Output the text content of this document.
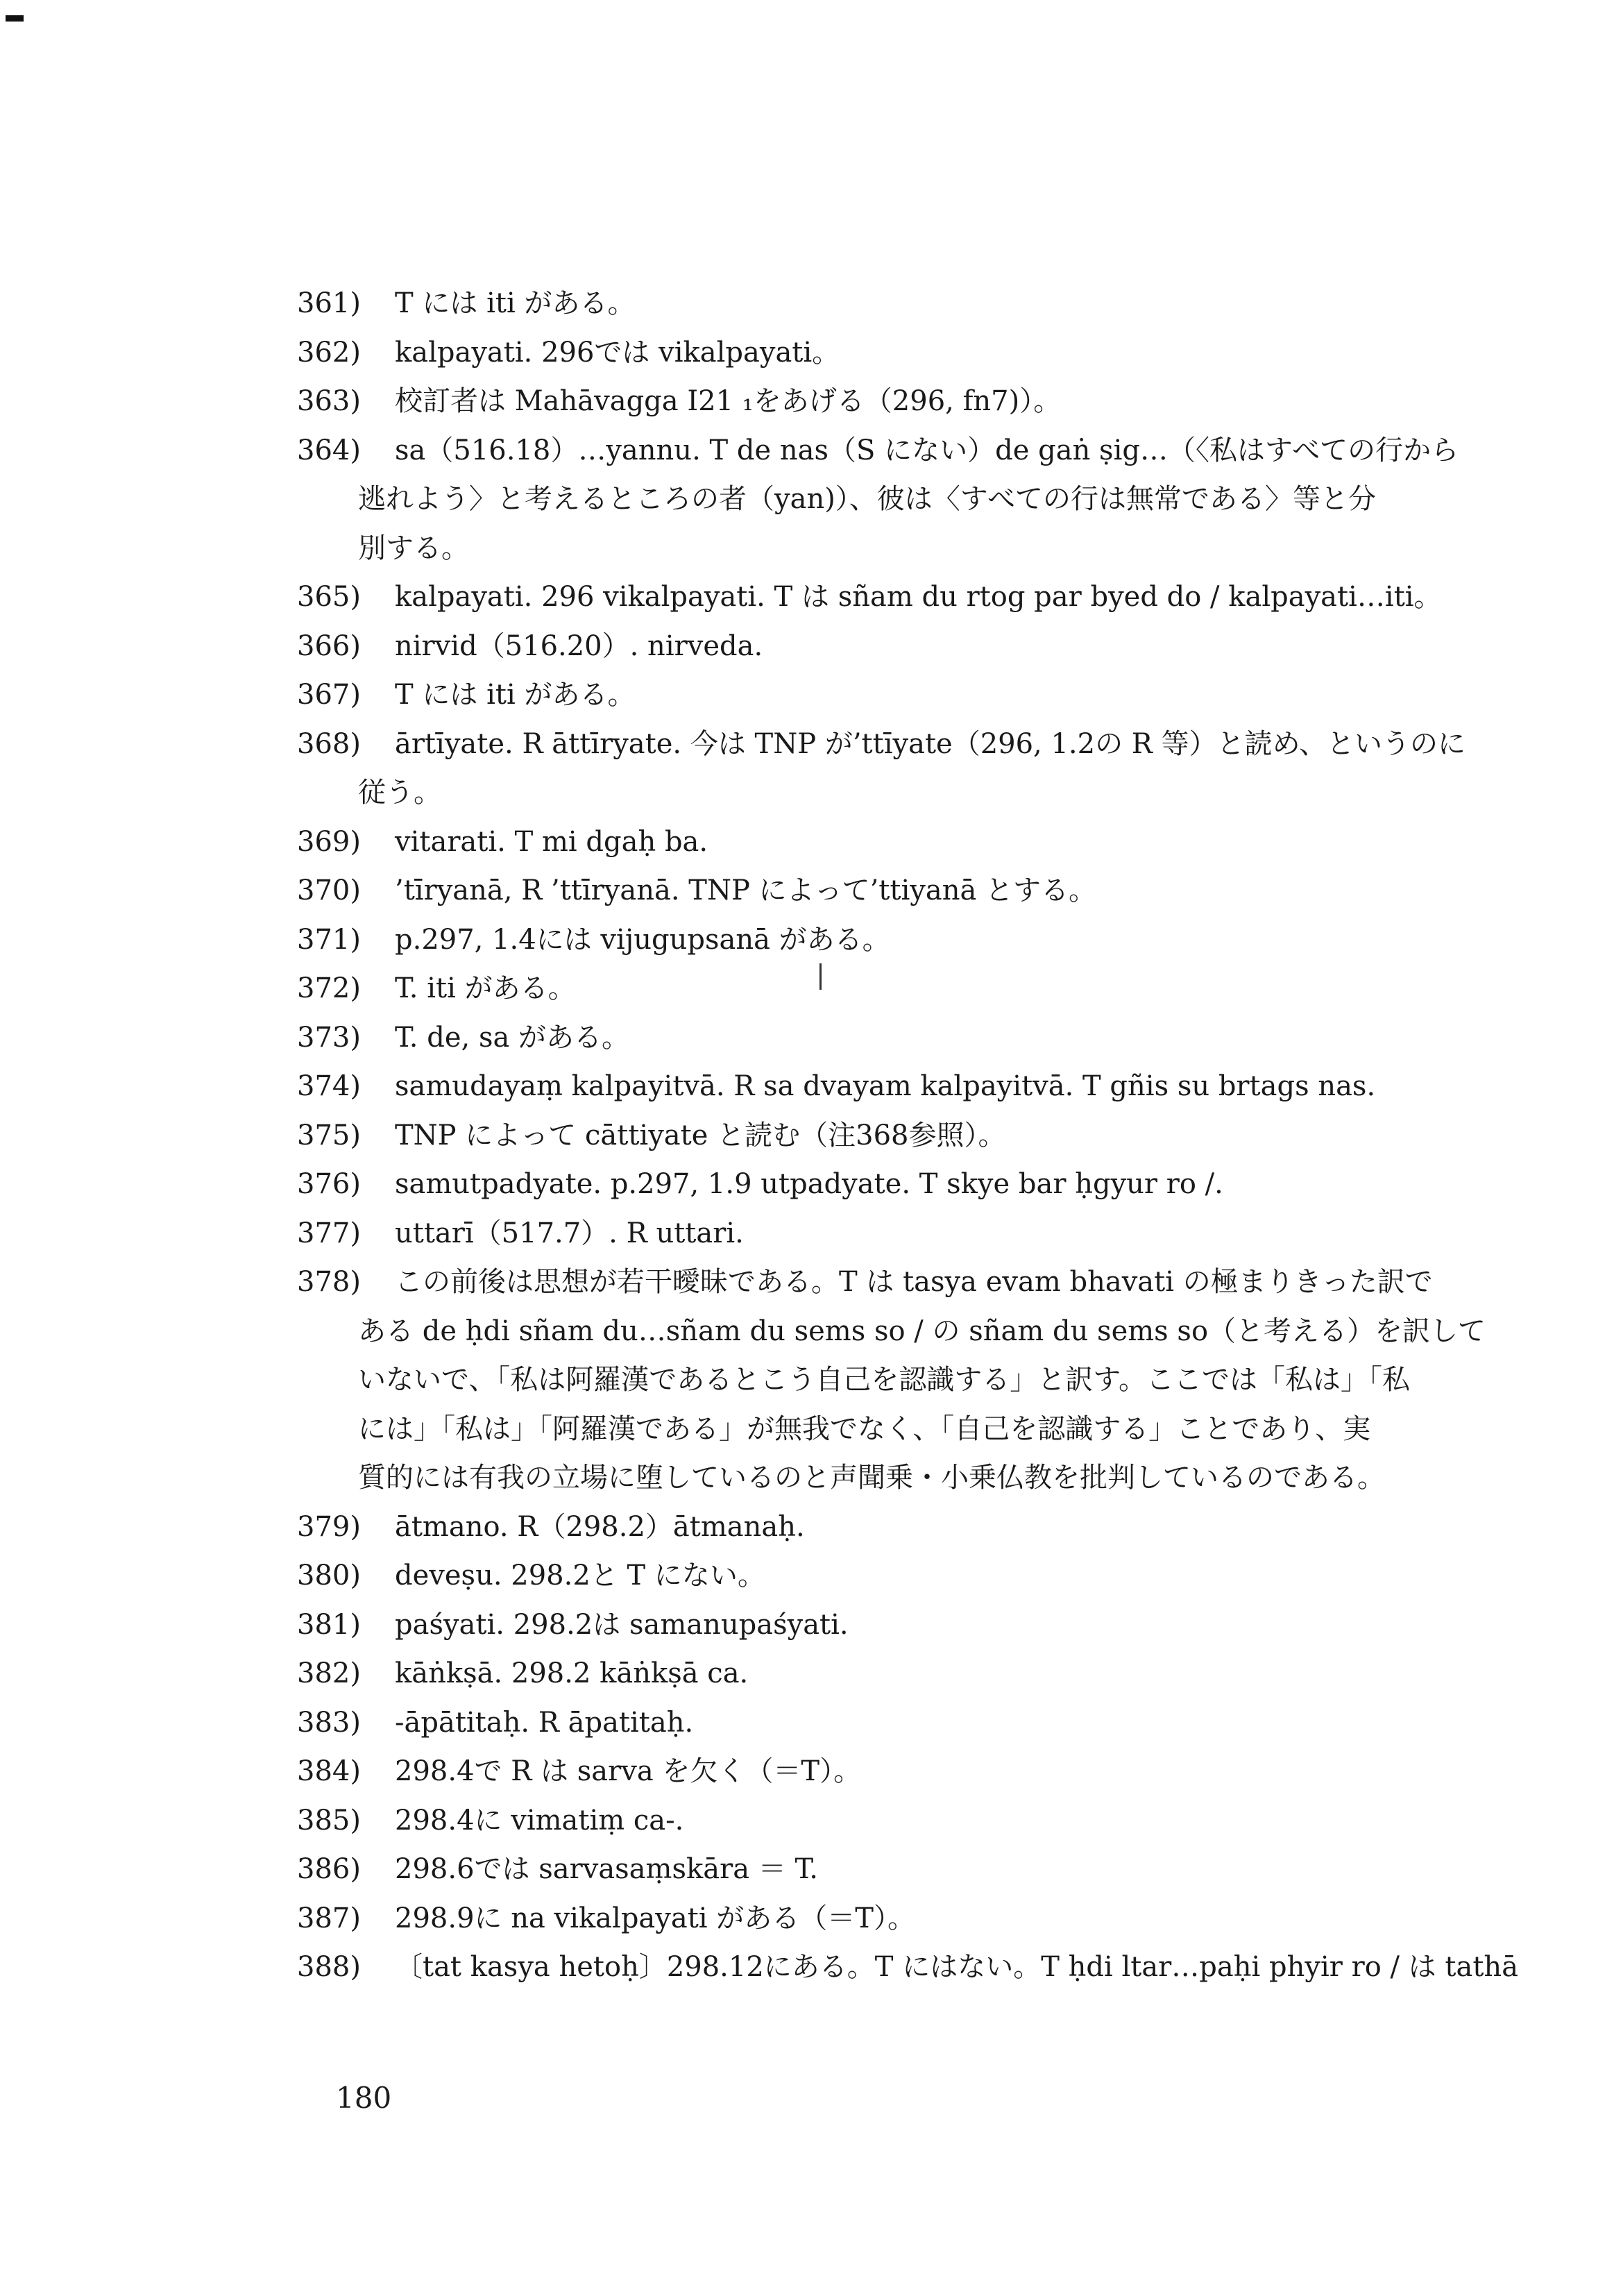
361)	T には iti がある。
362)	kalpayati. 296では vikalpayati。
363)	校訂者は Mahāvagga Ⅰ21 ₁をあげる（296, fn7)）。
364)	sa（516.18）…yannu. T de nas（S にない）de gaṅ ṣig…（〈私はすべての行から
逃れよう〉と考えるところの者（yan)）、彼は〈すべての行は無常である〉等と分
別する。
365)	kalpayati. 296 vikalpayati. T は sñam du rtog par byed do / kalpayati…iti。
366)	nirvid（516.20）. nirveda.
367)	T には iti がある。
368)	ārtīyate. R āttīryate. 今は TNP が’ttīyate（296, 1.2の R 等）と読め、というのに
従う。
369)	vitarati. T mi dgaḥ ba.
370)	’tīryanā, R ’ttīryanā. TNP によって’ttiyanā とする。
371)	p.297, 1.4には vijugupsanā がある。
372)	T. iti がある。
373)	T. de, sa がある。
374)	samudayaṃ kalpayitvā. R sa dvayam kalpayitvā. T gñis su brtags nas.
375)	TNP によって cāttiyate と読む（注368参照）。
376)	samutpadyate. p.297, 1.9 utpadyate. T skye bar ḥgyur ro /.
377)	uttarī（517.7）. R uttari.
378)	この前後は思想が若干曖昧である。T は tasya evam bhavati の極まりきった訳で
ある de ḥdi sñam du…sñam du sems so / の sñam du sems so（と考える）を訳して
いないで、「私は阿羅漢であるとこう自己を認識する」と訳す。ここでは「私は」「私
には」「私は」「阿羅漢である」が無我でなく、「自己を認識する」ことであり、実
質的には有我の立場に堕しているのと声聞乗・小乗仏教を批判しているのである。
379)	ātmano. R（298.2）ātmanaḥ.
380)	deveṣu. 298.2と T にない。
381)	paśyati. 298.2は samanupaśyati.
382)	kāṅkṣā. 298.2 kāṅkṣā ca.
383)	-āpātitaḥ. R āpatitaḥ.
384)	298.4で R は sarva を欠く（＝T）。
385)	298.4に vimatiṃ ca-.
386)	298.6では sarvasaṃskāra ＝ T.
387)	298.9に na vikalpayati がある（＝T）。
388)	〔tat kasya hetoḥ〕298.12にある。T にはない。T ḥdi ltar…paḥi phyir ro / は tathā
180
